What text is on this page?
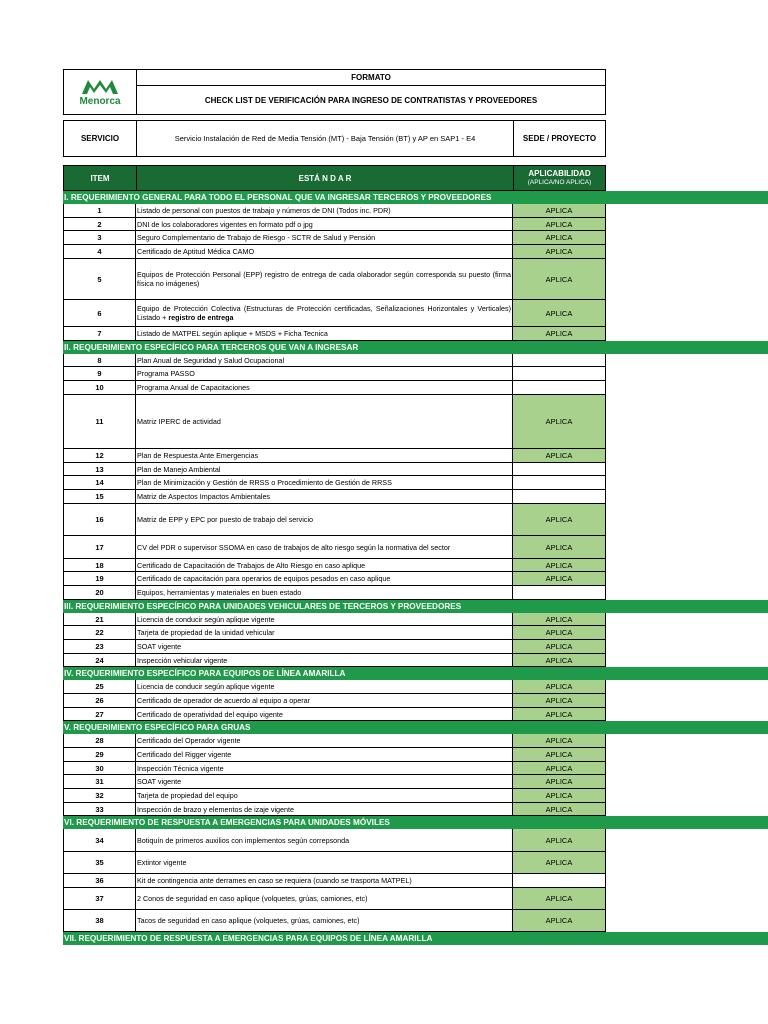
Menorca
FORMATO
CHECK LIST DE VERIFICACIÓN PARA INGRESO DE CONTRATISTAS Y PROVEEDORES
SERVICIO	Servicio Instalación de Red de Media Tensión (MT) - Baja Tensión (BT) y AP en SAP1 - E4	SEDE / PROYECTO
ITEM	ESTÁ N D A R	APLICABILIDAD
(APLICA/NO APLICA)
I. REQUERIMIENTO GENERAL PARA TODO EL PERSONAL QUE VA INGRESAR TERCEROS Y PROVEEDORES
1	Listado de personal con puestos de trabajo y números de DNI (Todos inc. PDR)	APLICA
2	DNI de los colaboradores vigentes en formato pdf o jpg	APLICA
3	Seguro Complementario de Trabajo de Riesgo - SCTR de Salud y Pensión	APLICA
4	Certificado de Aptitud Médica CAMO	APLICA
5	Equipos de Protección Personal (EPP) registro de entrega de cada olaborador según corresponda su puesto (firma física no imágenes)	APLICA
6	Equipo de Protección Colectiva (Estructuras de Protección certificadas, Señalizaciones Horizontales y Verticales) Listado + registro de entrega	APLICA
7	Listado de MATPEL según aplique + MSDS + Ficha Tecnica	APLICA
II. REQUERIMIENTO ESPECÍFICO PARA TERCEROS QUE VAN A INGRESAR
8	Plan Anual de Seguridad y Salud Ocupacional
9	Programa PASSO
10	Programa Anual de Capacitaciones
11	Matriz IPERC de actividad	APLICA
12	Plan de Respuesta Ante Emergencias	APLICA
13	Plan de Manejo Ambiental
14	Plan de Minimización y Gestión de RRSS o Procedimiento de Gestión de RRSS
15	Matriz de Aspectos Impactos Ambientales
16	Matriz de EPP y EPC por puesto de trabajo del servicio	APLICA
17	CV del PDR o supervisor SSOMA en caso de trabajos de alto riesgo según la normativa del sector	APLICA
18	Certificado de Capacitación de Trabajos de Alto Riesgo en caso aplique	APLICA
19	Certificado de capacitación para operarios de equipos pesados en caso aplique	APLICA
20	Equipos, herramientas y materiales en buen estado
III. REQUERIMIENTO ESPECÍFICO PARA UNIDADES VEHICULARES DE TERCEROS Y PROVEEDORES
21	Licencia de conducir según aplique vigente	APLICA
22	Tarjeta de propiedad de la unidad vehicular	APLICA
23	SOAT vigente	APLICA
24	Inspección vehicular vigente	APLICA
IV. REQUERIMIENTO ESPECÍFICO PARA EQUIPOS DE LÍNEA AMARILLA
25	Licencia de conducir según aplique vigente	APLICA
26	Certificado de operador de acuerdo al equipo a operar	APLICA
27	Certificado de operatividad del equipo vigente	APLICA
V. REQUERIMIENTO ESPECÍFICO PARA GRUAS
28	Certificado del Operador vigente	APLICA
29	Certificado del Rigger vigente	APLICA
30	Inspección Técnica vigente	APLICA
31	SOAT vigente	APLICA
32	Tarjeta de propiedad del equipo	APLICA
33	Inspección de brazo y elementos de izaje vigente	APLICA
VI. REQUERIMIENTO DE RESPUESTA A EMERGENCIAS PARA UNIDADES MÓVILES
34	Botiquín de primeros auxilios con implementos según correpsonda	APLICA
35	Extintor vigente	APLICA
36	Kit de contingencia ante derrames en caso se requiera (cuando se trasporta MATPEL)
37	2 Conos de seguridad en caso aplique (volquetes, grúas, camiones, etc)	APLICA
38	Tacos de seguridad en caso aplique (volquetes, grúas, camiones, etc)	APLICA
VII. REQUERIMIENTO DE RESPUESTA A EMERGENCIAS PARA EQUIPOS DE LÍNEA AMARILLA
